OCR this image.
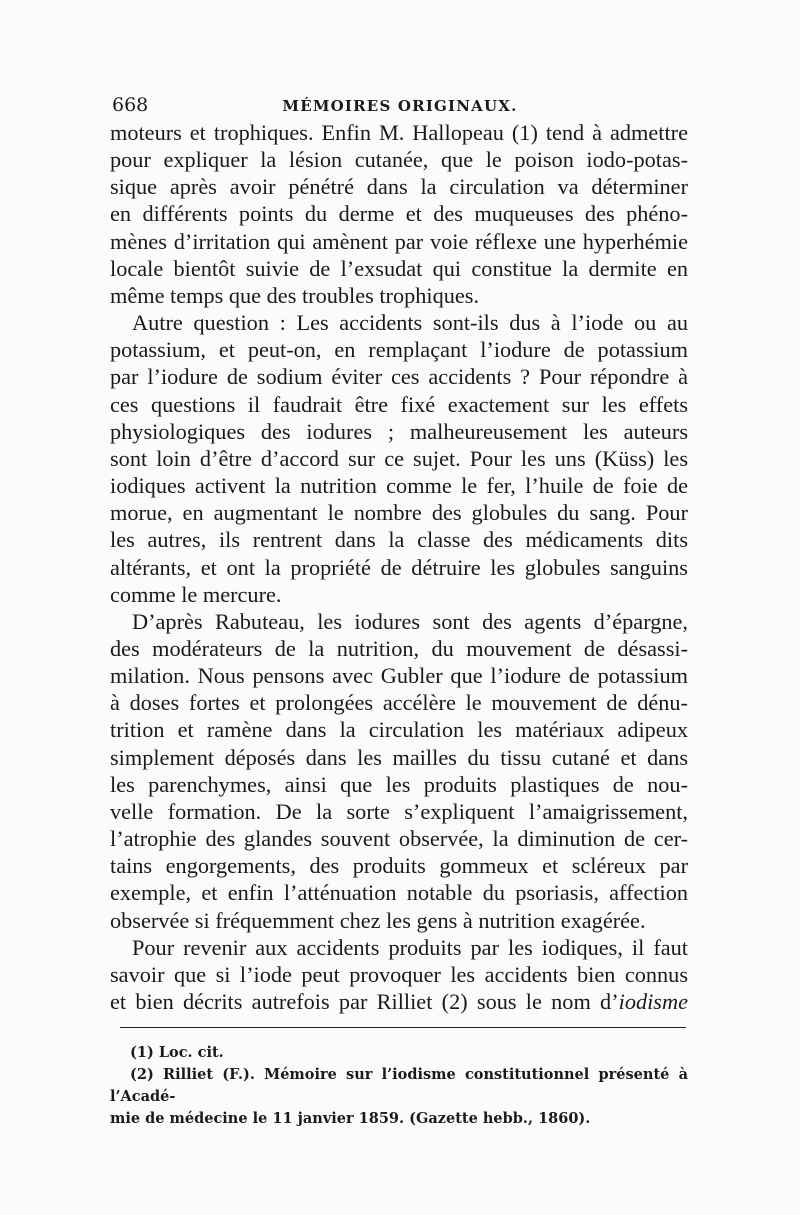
668	MÉMOIRES ORIGINAUX.

moteurs et trophiques. Enfin M. Hallopeau (1) tend à admettre

pour expliquer la lésion cutanée, que le poison iodo-potas-

sique après avoir pénétré dans la circulation va déterminer

en différents points du derme et des muqueuses des phéno-

mènes d’irritation qui amènent par voie réflexe une hyperhémie

locale bientôt suivie de l’exsudat qui constitue la dermite en

même temps que des troubles trophiques.

Autre question : Les accidents sont-ils dus à l’iode ou au

potassium, et peut-on, en remplaçant l’iodure de potassium

par l’iodure de sodium éviter ces accidents ? Pour répondre à

ces questions il faudrait être fixé exactement sur les effets

physiologiques des iodures ; malheureusement les auteurs

sont loin d’être d’accord sur ce sujet. Pour les uns (Küss) les

iodiques activent la nutrition comme le fer, l’huile de foie de

morue, en augmentant le nombre des globules du sang. Pour

les autres, ils rentrent dans la classe des médicaments dits

altérants, et ont la propriété de détruire les globules sanguins

comme le mercure.

D’après Rabuteau, les iodures sont des agents d’épargne,

des modérateurs de la nutrition, du mouvement de désassi-

milation. Nous pensons avec Gubler que l’iodure de potassium

à doses fortes et prolongées accélère le mouvement de dénu-

trition et ramène dans la circulation les matériaux adipeux

simplement déposés dans les mailles du tissu cutané et dans

les parenchymes, ainsi que les produits plastiques de nou-

velle formation. De la sorte s’expliquent l’amaigrissement,

l’atrophie des glandes souvent observée, la diminution de cer-

tains engorgements, des produits gommeux et scléreux par

exemple, et enfin l’atténuation notable du psoriasis, affection

observée si fréquemment chez les gens à nutrition exagérée.

Pour revenir aux accidents produits par les iodiques, il faut

savoir que si l’iode peut provoquer les accidents bien connus

et bien décrits autrefois par Rilliet (2) sous le nom d’iodisme

(1) Loc. cit.

(2) Rilliet (F.). Mémoire sur l’iodisme constitutionnel présenté à l’Acadé-

mie de médecine le 11 janvier 1859. (Gazette hebb., 1860).
